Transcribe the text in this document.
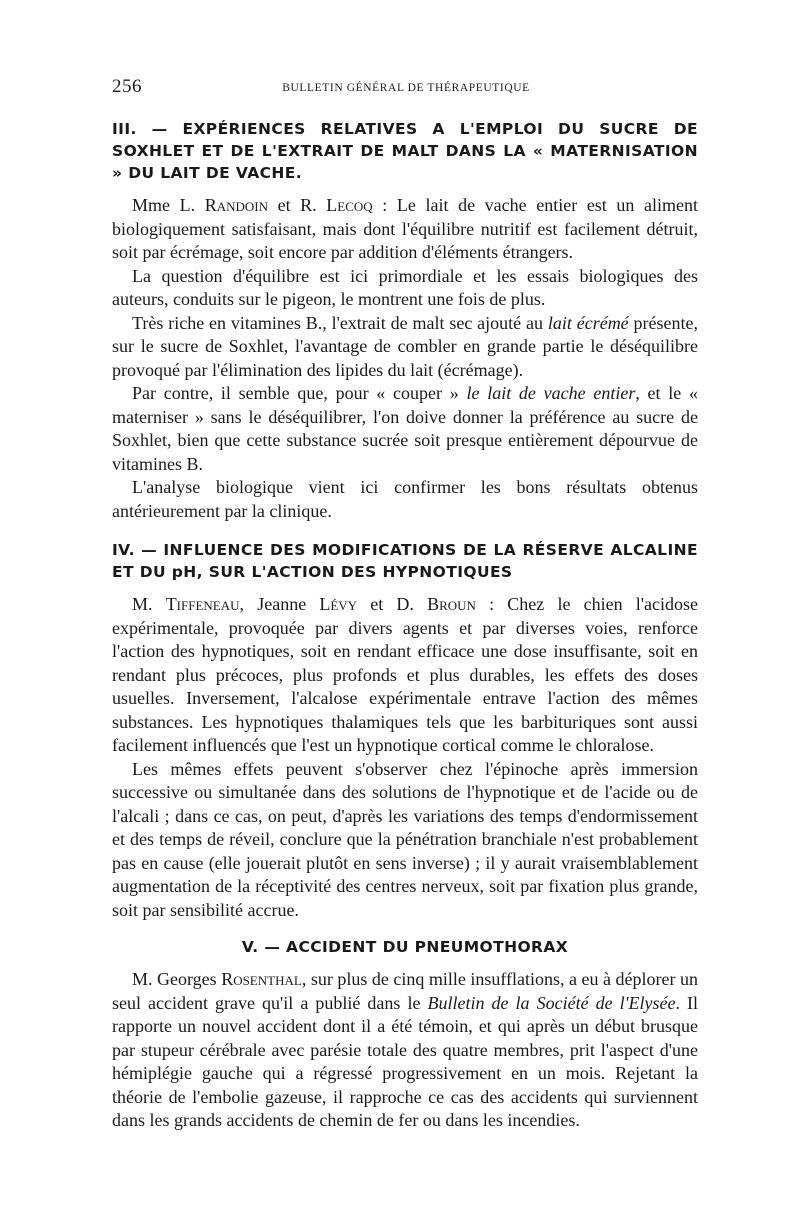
256	BULLETIN GÉNÉRAL DE THÉRAPEUTIQUE
III. — EXPÉRIENCES RELATIVES A L'EMPLOI DU SUCRE DE SOXHLET ET DE L'EXTRAIT DE MALT DANS LA « MATERNISATION » DU LAIT DE VACHE.

Mme L. Randoin et R. Lecoq : Le lait de vache entier est un aliment biologiquement satisfaisant, mais dont l'équilibre nutritif est facilement détruit, soit par écrémage, soit encore par addition d'éléments étrangers.

La question d'équilibre est ici primordiale et les essais biologiques des auteurs, conduits sur le pigeon, le montrent une fois de plus.

Très riche en vitamines B., l'extrait de malt sec ajouté au lait écrémé présente, sur le sucre de Soxhlet, l'avantage de combler en grande partie le déséquilibre provoqué par l'élimination des lipides du lait (écrémage).

Par contre, il semble que, pour « couper » le lait de vache entier, et le « materniser » sans le déséquilibrer, l'on doive donner la préférence au sucre de Soxhlet, bien que cette substance sucrée soit presque entièrement dépourvue de vitamines B.

L'analyse biologique vient ici confirmer les bons résultats obtenus antérieurement par la clinique.

IV. — INFLUENCE DES MODIFICATIONS DE LA RÉSERVE ALCALINE ET DU pH, SUR L'ACTION DES HYPNOTIQUES

M. Tiffeneau, Jeanne Lévy et D. Broun : Chez le chien l'acidose expérimentale, provoquée par divers agents et par diverses voies, renforce l'action des hypnotiques, soit en rendant efficace une dose insuffisante, soit en rendant plus précoces, plus profonds et plus durables, les effets des doses usuelles. Inversement, l'alcalose expérimentale entrave l'action des mêmes substances. Les hypnotiques thalamiques tels que les barbituriques sont aussi facilement influencés que l'est un hypnotique cortical comme le chloralose.

Les mêmes effets peuvent s'observer chez l'épinoche après immersion successive ou simultanée dans des solutions de l'hypnotique et de l'acide ou de l'alcali ; dans ce cas, on peut, d'après les variations des temps d'endormissement et des temps de réveil, conclure que la pénétration branchiale n'est probablement pas en cause (elle jouerait plutôt en sens inverse) ; il y aurait vraisemblablement augmentation de la réceptivité des centres nerveux, soit par fixation plus grande, soit par sensibilité accrue.

V. — ACCIDENT DU PNEUMOTHORAX

M. Georges Rosenthal, sur plus de cinq mille insufflations, a eu à déplorer un seul accident grave qu'il a publié dans le Bulletin de la Société de l'Elysée. Il rapporte un nouvel accident dont il a été témoin, et qui après un début brusque par stupeur cérébrale avec parésie totale des quatre membres, prit l'aspect d'une hémiplégie gauche qui a régressé progressivement en un mois. Rejetant la théorie de l'embolie gazeuse, il rapproche ce cas des accidents qui surviennent dans les grands accidents de chemin de fer ou dans les incendies.
